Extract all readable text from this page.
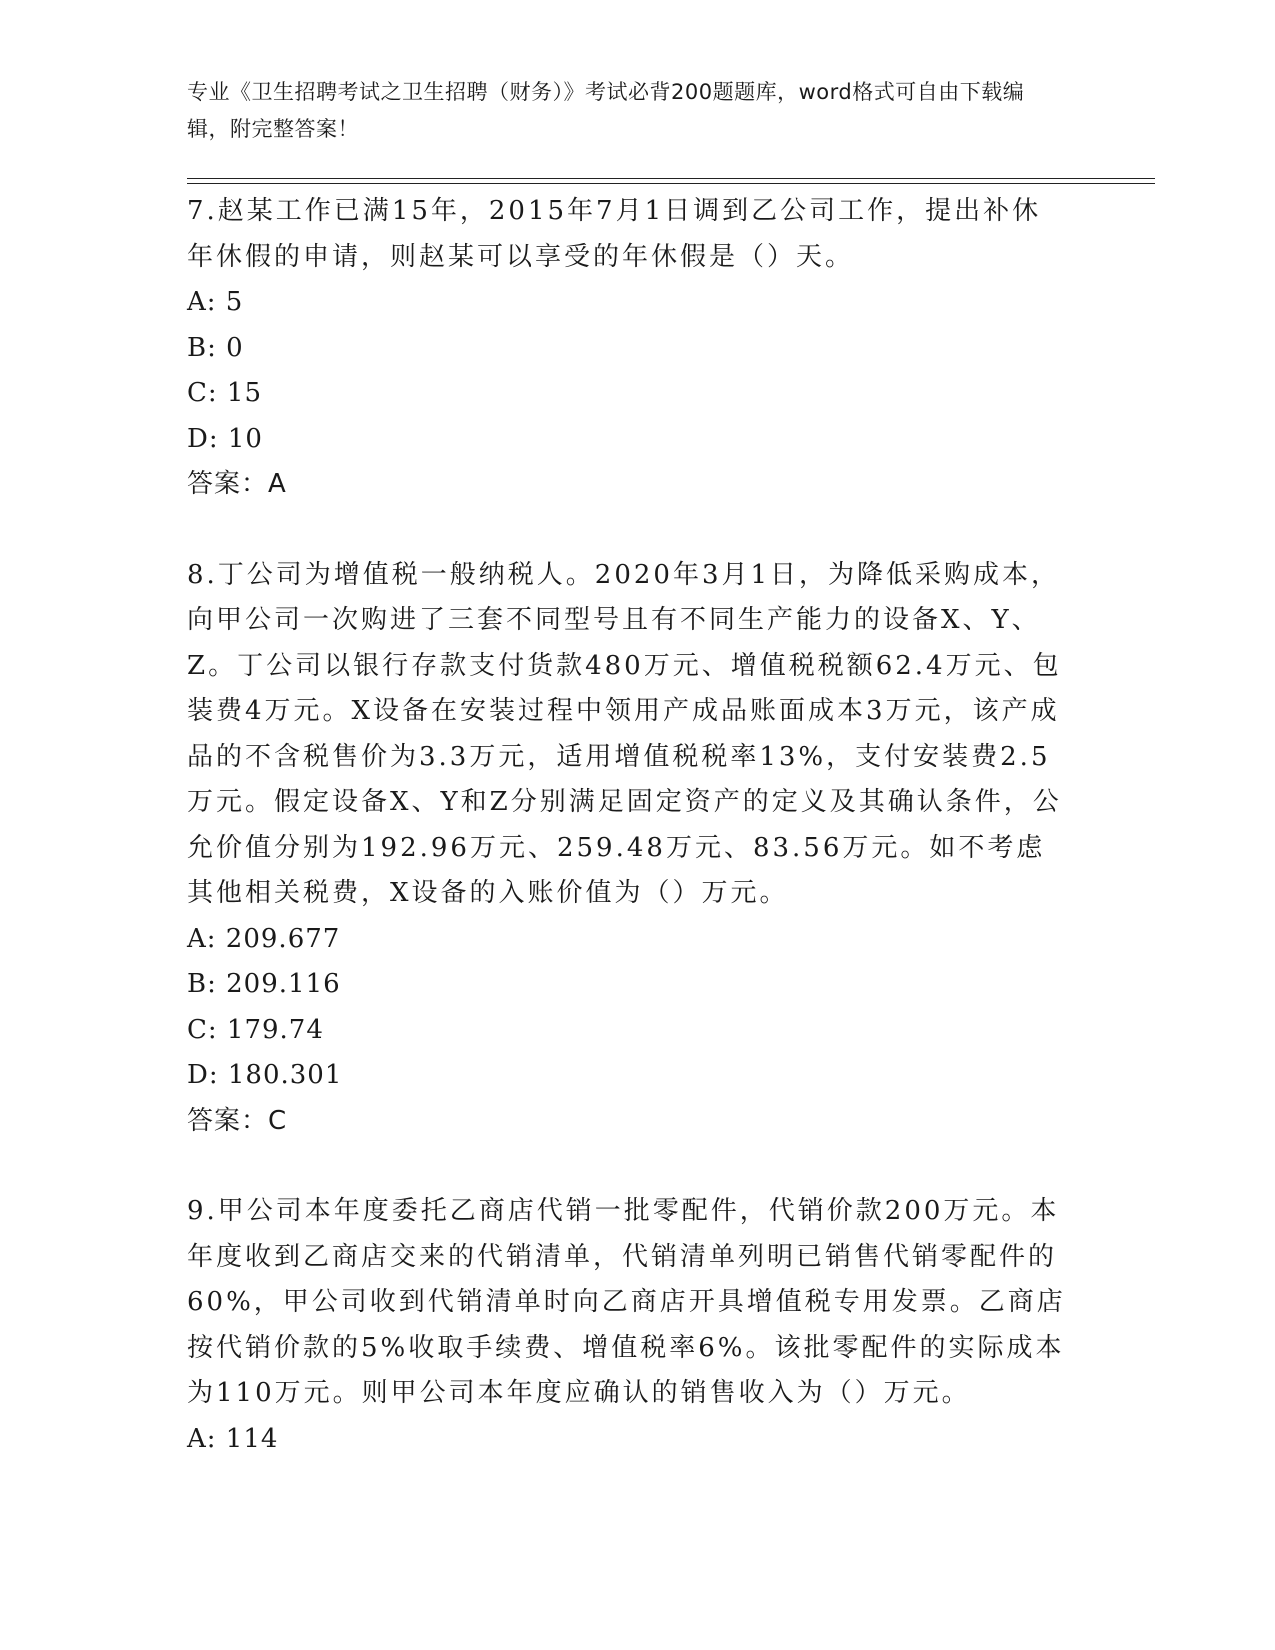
专业《卫生招聘考试之卫生招聘（财务）》考试必背200题题库，word格式可自由下载编辑，附完整答案！
7.赵某工作已满15年，2015年7月1日调到乙公司工作，提出补休年休假的申请，则赵某可以享受的年休假是（）天。
A: 5
B: 0
C: 15
D: 10
答案：A
8.丁公司为增值税一般纳税人。2020年3月1日，为降低采购成本，向甲公司一次购进了三套不同型号且有不同生产能力的设备X、Y、Z。丁公司以银行存款支付货款480万元、增值税税额62.4万元、包装费4万元。X设备在安装过程中领用产成品账面成本3万元，该产成品的不含税售价为3.3万元，适用增值税税率13%，支付安装费2.5万元。假定设备X、Y和Z分别满足固定资产的定义及其确认条件，公允价值分别为192.96万元、259.48万元、83.56万元。如不考虑其他相关税费，X设备的入账价值为（）万元。
A: 209.677
B: 209.116
C: 179.74
D: 180.301
答案：C
9.甲公司本年度委托乙商店代销一批零配件，代销价款200万元。本年度收到乙商店交来的代销清单，代销清单列明已销售代销零配件的60%，甲公司收到代销清单时向乙商店开具增值税专用发票。乙商店按代销价款的5%收取手续费、增值税率6%。该批零配件的实际成本为110万元。则甲公司本年度应确认的销售收入为（）万元。
A: 114
